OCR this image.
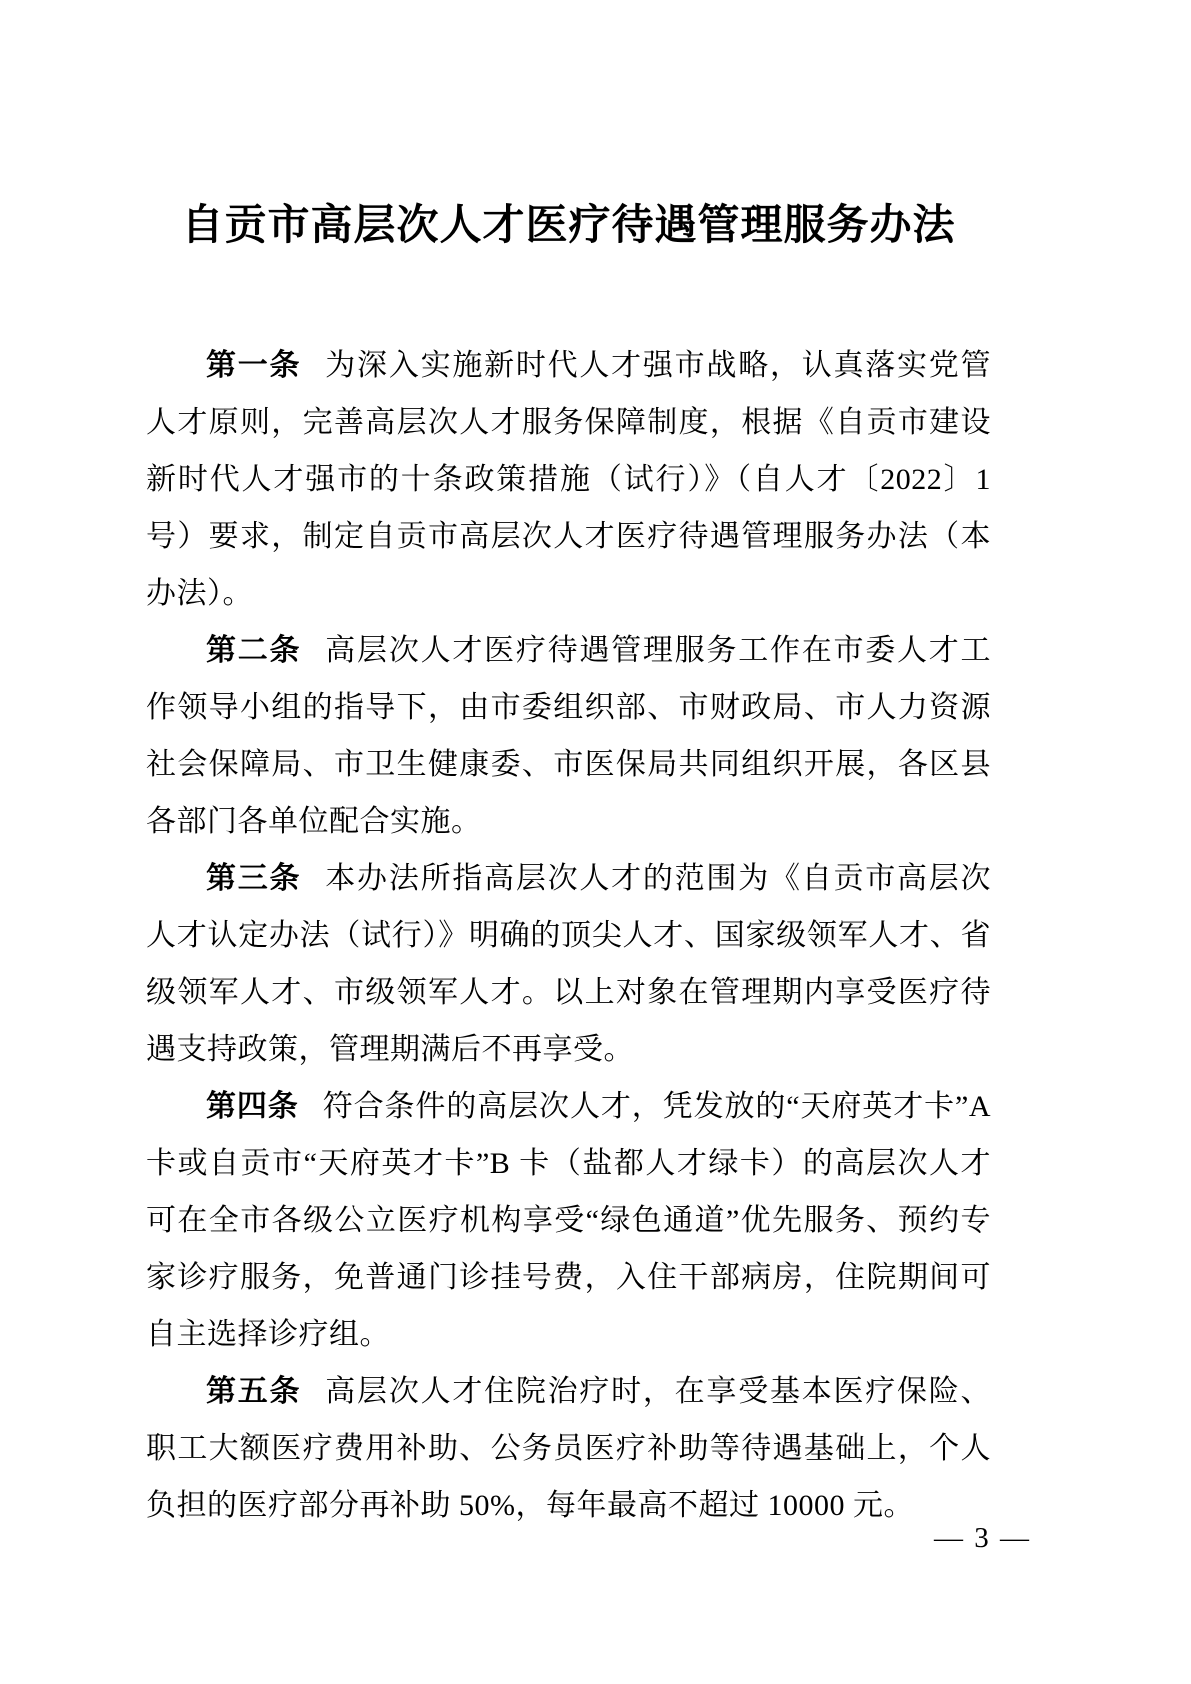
自贡市高层次人才医疗待遇管理服务办法

第一条 为深入实施新时代人才强市战略，认真落实党管人才原则，完善高层次人才服务保障制度，根据《自贡市建设新时代人才强市的十条政策措施（试行）》（自人才〔2022〕1 号）要求，制定自贡市高层次人才医疗待遇管理服务办法（本办法）。

第二条 高层次人才医疗待遇管理服务工作在市委人才工作领导小组的指导下，由市委组织部、市财政局、市人力资源社会保障局、市卫生健康委、市医保局共同组织开展，各区县各部门各单位配合实施。

第三条 本办法所指高层次人才的范围为《自贡市高层次人才认定办法（试行）》明确的顶尖人才、国家级领军人才、省级领军人才、市级领军人才。以上对象在管理期内享受医疗待遇支持政策，管理期满后不再享受。

第四条 符合条件的高层次人才，凭发放的“天府英才卡”A 卡或自贡市“天府英才卡”B 卡（盐都人才绿卡）的高层次人才可在全市各级公立医疗机构享受“绿色通道”优先服务、预约专家诊疗服务，免普通门诊挂号费，入住干部病房，住院期间可自主选择诊疗组。

第五条 高层次人才住院治疗时，在享受基本医疗保险、职工大额医疗费用补助、公务员医疗补助等待遇基础上，个人负担的医疗部分再补助 50%，每年最高不超过 10000 元。

— 3 —
